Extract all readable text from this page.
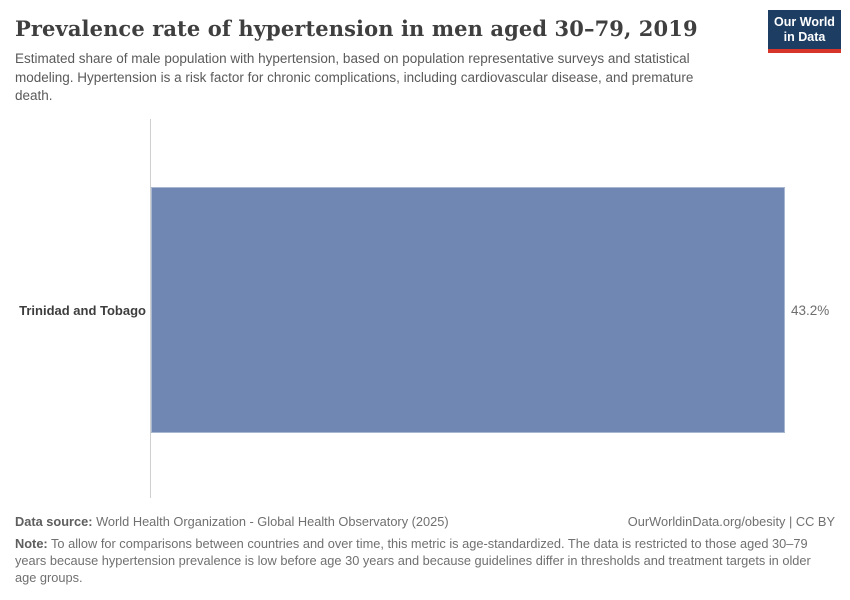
Prevalence rate of hypertension in men aged 30–79, 2019
Estimated share of male population with hypertension, based on population representative surveys and statistical modeling. Hypertension is a risk factor for chronic complications, including cardiovascular disease, and premature death.
Our World
in Data
Trinidad and Tobago	43.2%
Data source: World Health Organization - Global Health Observatory (2025)	OurWorldinData.org/obesity | CC BY
Note: To allow for comparisons between countries and over time, this metric is age-standardized. The data is restricted to those aged 30–79 years because hypertension prevalence is low before age 30 years and because guidelines differ in thresholds and treatment targets in older age groups.
